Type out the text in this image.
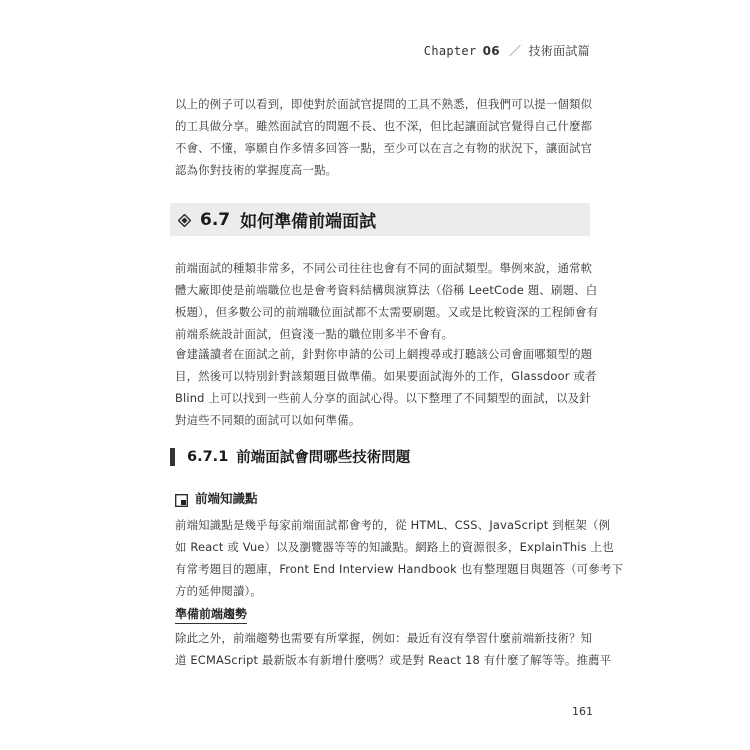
Chapter 06 ／ 技術面試篇
以上的例子可以看到，即使對於面試官提問的工具不熟悉，但我們可以提一個類似
的工具做分享。雖然面試官的問題不長、也不深，但比起讓面試官覺得自己什麼都
不會、不懂，寧願自作多情多回答一點，至少可以在言之有物的狀況下，讓面試官
認為你對技術的掌握度高一點。
6.7 如何準備前端面試
前端面試的種類非常多，不同公司往往也會有不同的面試類型。舉例來說，通常軟
體大廠即使是前端職位也是會考資料結構與演算法（俗稱 LeetCode 題、刷題、白
板題），但多數公司的前端職位面試都不太需要刷題。又或是比較資深的工程師會有
前端系統設計面試，但資淺一點的職位則多半不會有。
會建議讀者在面試之前，針對你申請的公司上網搜尋或打聽該公司會面哪類型的題
目，然後可以特別針對該類題目做準備。如果要面試海外的工作，Glassdoor 或者
Blind 上可以找到一些前人分享的面試心得。以下整理了不同類型的面試，以及針
對這些不同類的面試可以如何準備。
6.7.1 前端面試會問哪些技術問題
前端知識點
前端知識點是幾乎每家前端面試都會考的，從 HTML、CSS、JavaScript 到框架（例
如 React 或 Vue）以及瀏覽器等等的知識點。網路上的資源很多，ExplainThis 上也
有常考題目的題庫，Front End Interview Handbook 也有整理題目與題答（可參考下
方的延伸閱讀）。
準備前端趨勢
除此之外，前端趨勢也需要有所掌握，例如：最近有沒有學習什麼前端新技術？知
道 ECMAScript 最新版本有新增什麼嗎？或是對 React 18 有什麼了解等等。推薦平
161
